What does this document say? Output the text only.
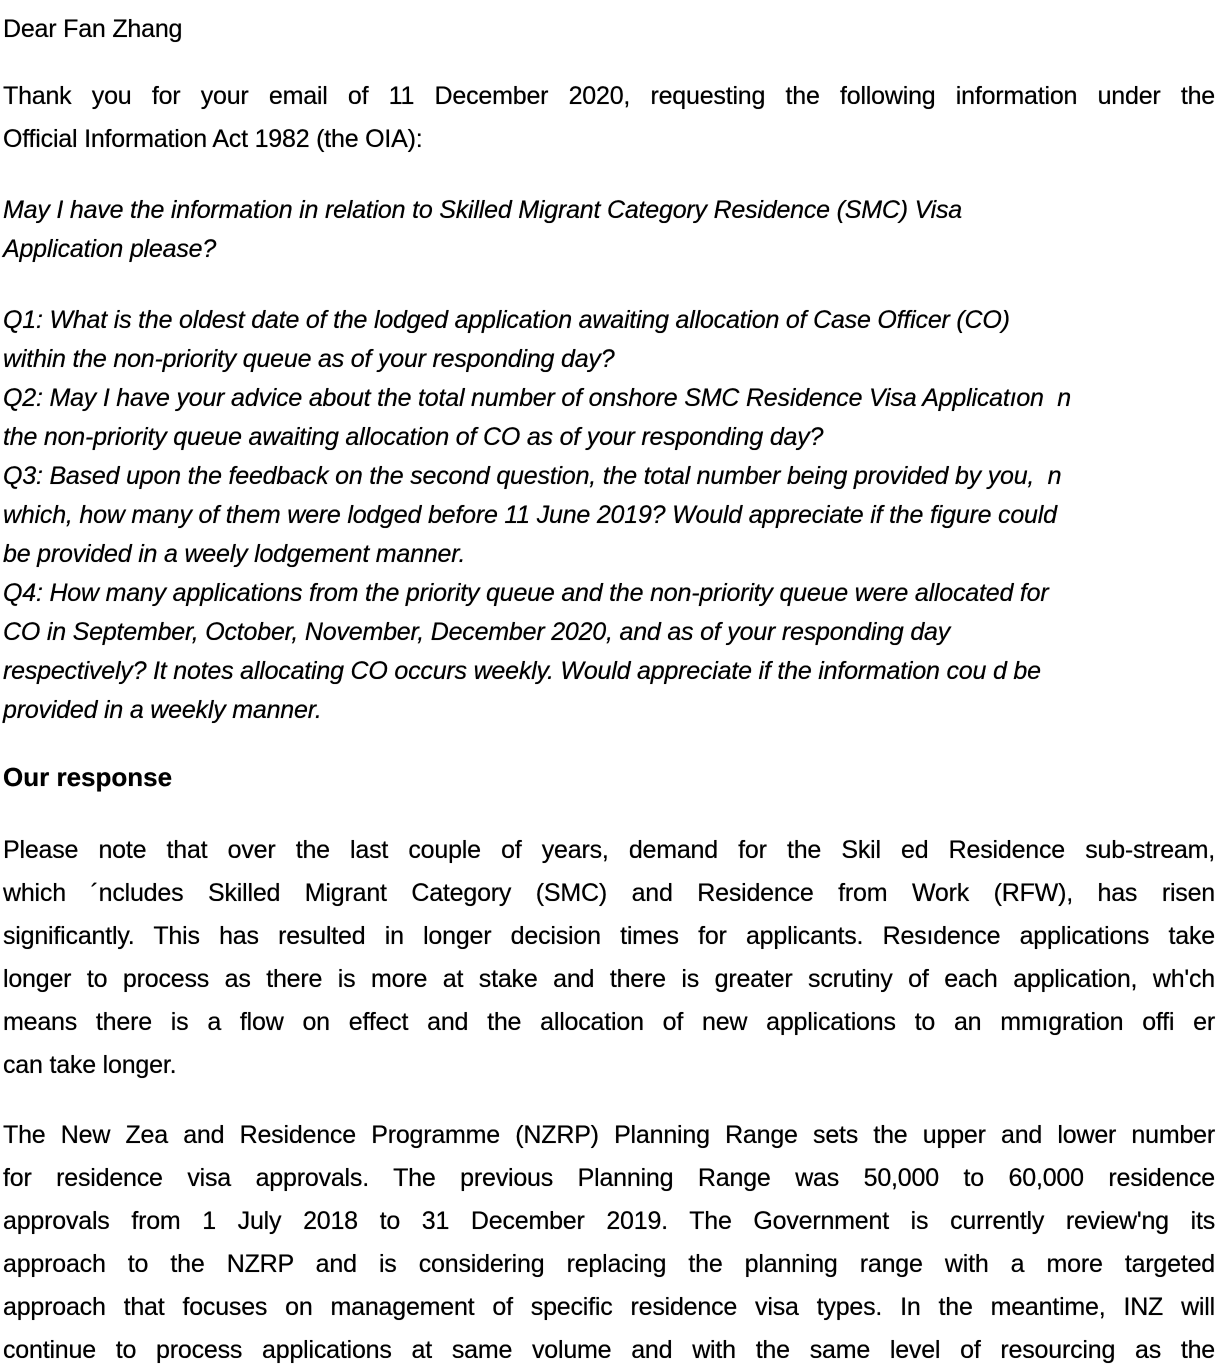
Dear Fan Zhang
Thank you for your email of 11 December 2020, requesting the following information under the
Official Information Act 1982 (the OIA):
May I have the information in relation to Skilled Migrant Category Residence (SMC) Visa
Application please?
Q1: What is the oldest date of the lodged application awaiting allocation of Case Officer (CO)
within the non-priority queue as of your responding day?
Q2: May I have your advice about the total number of onshore SMC Residence Visa Applicatıon  n
the non-priority queue awaiting allocation of CO as of your responding day?
Q3: Based upon the feedback on the second question, the total number being provided by you,  n
which, how many of them were lodged before 11 June 2019? Would appreciate if the figure could
be provided in a weely lodgement manner.
Q4: How many applications from the priority queue and the non-priority queue were allocated for
CO in September, October, November, December 2020, and as of your responding day
respectively? It notes allocating CO occurs weekly. Would appreciate if the information cou d be
provided in a weekly manner.
Our response
Please note that over the last couple of years, demand for the Skil ed Residence sub-stream,
which ´ncludes Skilled Migrant Category (SMC) and Residence from Work (RFW), has risen
significantly. This has resulted in longer decision times for applicants. Resıdence applications take
longer to process as there is more at stake and there is greater scrutiny of each application, wh'ch
means there is a flow on effect and the allocation of new applications to an mmıgration offi er
can take longer.
The New Zea and Residence Programme (NZRP) Planning Range sets the upper and lower number
for residence visa approvals. The previous Planning Range was 50,000 to 60,000 residence
approvals from 1 July 2018 to 31 December 2019. The Government is currently review'ng its
approach to the NZRP and is considering replacing the planning range with a more targeted
approach that focuses on management of specific residence visa types. In the meantime, INZ will
continue to process applications at same volume and with the same level of resourcing as the
